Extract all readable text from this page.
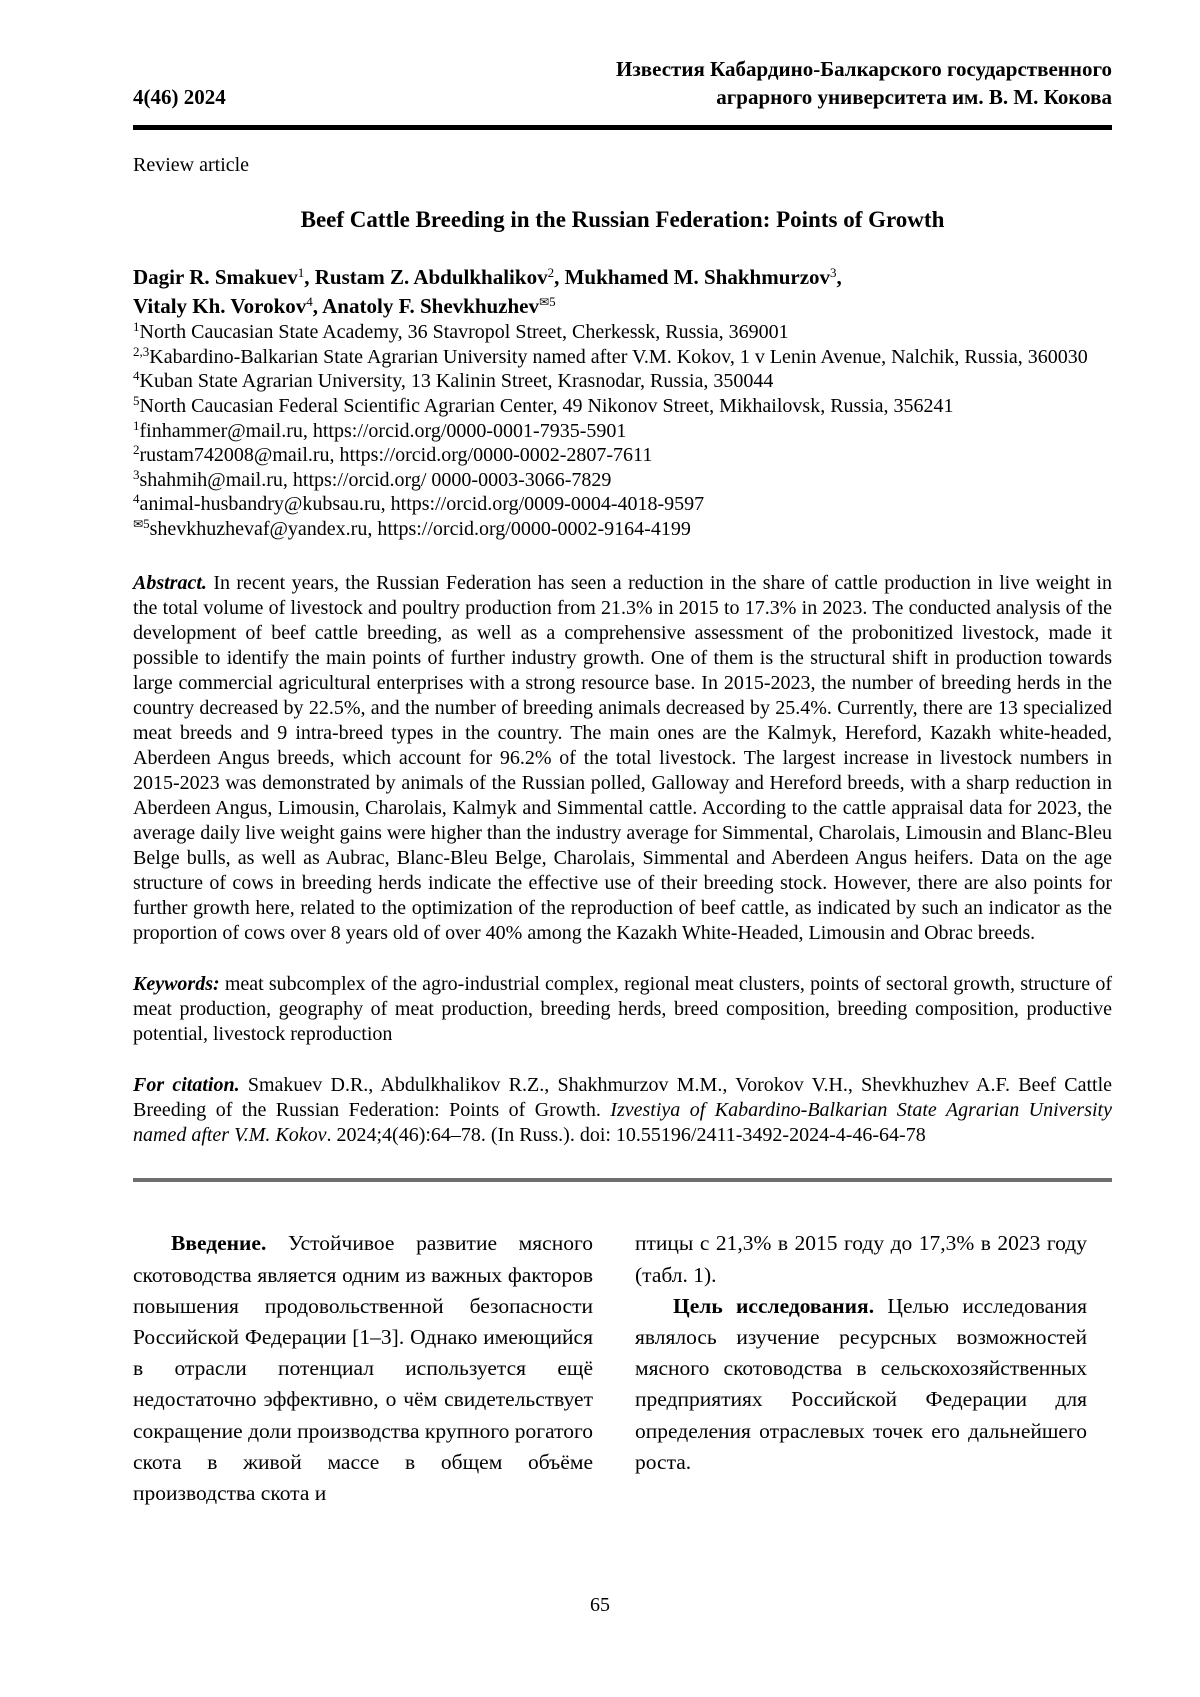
4(46) 2024
Известия Кабардино-Балкарского государственного
аграрного университета им. В. М. Кокова
Review article
Beef Cattle Breeding in the Russian Federation: Points of Growth
Dagir R. Smakuev$^1$, Rustam Z. Abdulkhalikov$^2$, Mukhamed M. Shakhmurzov$^3$,
Vitaly Kh. Vorokov$^4$, Anatoly F. Shevkhuzhev$^{✉5}$
$^1$North Caucasian State Academy, 36 Stavropol Street, Cherkessk, Russia, 369001
$^{2,3}$Kabardino-Balkarian State Agrarian University named after V.M. Kokov, 1 v Lenin Avenue, Nalchik, Russia, 360030
$^4$Kuban State Agrarian University, 13 Kalinin Street, Krasnodar, Russia, 350044
$^5$North Caucasian Federal Scientific Agrarian Center, 49 Nikonov Street, Mikhailovsk, Russia, 356241
$^1$finhammer@mail.ru, https://orcid.org/0000-0001-7935-5901
$^2$rustam742008@mail.ru, https://orcid.org/0000-0002-2807-7611
$^3$shahmih@mail.ru, https://orcid.org/ 0000-0003-3066-7829
$^4$animal-husbandry@kubsau.ru, https://orcid.org/0009-0004-4018-9597
$^{✉5}$shevkhuzhevaf@yandex.ru, https://orcid.org/0000-0002-9164-4199

Abstract. In recent years, the Russian Federation has seen a reduction in the share of cattle production in live weight in the total volume of livestock and poultry production from 21.3% in 2015 to 17.3% in 2023. The conducted analysis of the development of beef cattle breeding, as well as a comprehensive assessment of the probonitized livestock, made it possible to identify the main points of further industry growth. One of them is the structural shift in production towards large commercial agricultural enterprises with a strong resource base. In 2015-2023, the number of breeding herds in the country decreased by 22.5%, and the number of breeding animals decreased by 25.4%. Currently, there are 13 specialized meat breeds and 9 intra-breed types in the country. The main ones are the Kalmyk, Hereford, Kazakh white-headed, Aberdeen Angus breeds, which account for 96.2% of the total livestock. The largest increase in livestock numbers in 2015-2023 was demonstrated by animals of the Russian polled, Galloway and Hereford breeds, with a sharp reduction in Aberdeen Angus, Limousin, Charolais, Kalmyk and Simmental cattle. According to the cattle appraisal data for 2023, the average daily live weight gains were higher than the industry average for Simmental, Charolais, Limousin and Blanc-Bleu Belge bulls, as well as Aubrac, Blanc-Bleu Belge, Charolais, Simmental and Aberdeen Angus heifers. Data on the age structure of cows in breeding herds indicate the effective use of their breeding stock. However, there are also points for further growth here, related to the optimization of the reproduction of beef cattle, as indicated by such an indicator as the proportion of cows over 8 years old of over 40% among the Kazakh White-Headed, Limousin and Obrac breeds.

Keywords: meat subcomplex of the agro-industrial complex, regional meat clusters, points of sectoral growth, structure of meat production, geography of meat production, breeding herds, breed composition, breeding composition, productive potential, livestock reproduction

For citation. Smakuev D.R., Abdulkhalikov R.Z., Shakhmurzov M.M., Vorokov V.H., Shevkhuzhev A.F. Beef Cattle Breeding of the Russian Federation: Points of Growth. Izvestiya of Kabardino-Balkarian State Agrarian University named after V.M. Kokov. 2024;4(46):64–78. (In Russ.). doi: 10.55196/2411-3492-2024-4-46-64-78

Введение. Устойчивое развитие мясного скотоводства является одним из важных факторов повышения продовольственной безопасности Российской Федерации [1–3]. Однако имеющийся в отрасли потенциал используется ещё недостаточно эффективно, о чём свидетельствует сокращение доли производства крупного рогатого скота в живой массе в общем объёме производства скота и

птицы с 21,3% в 2015 году до 17,3% в 2023 году (табл. 1).

Цель исследования. Целью исследования являлось изучение ресурсных возможностей мясного скотоводства в сельскохозяйственных предприятиях Российской Федерации для определения отраслевых точек его дальнейшего роста.

65
